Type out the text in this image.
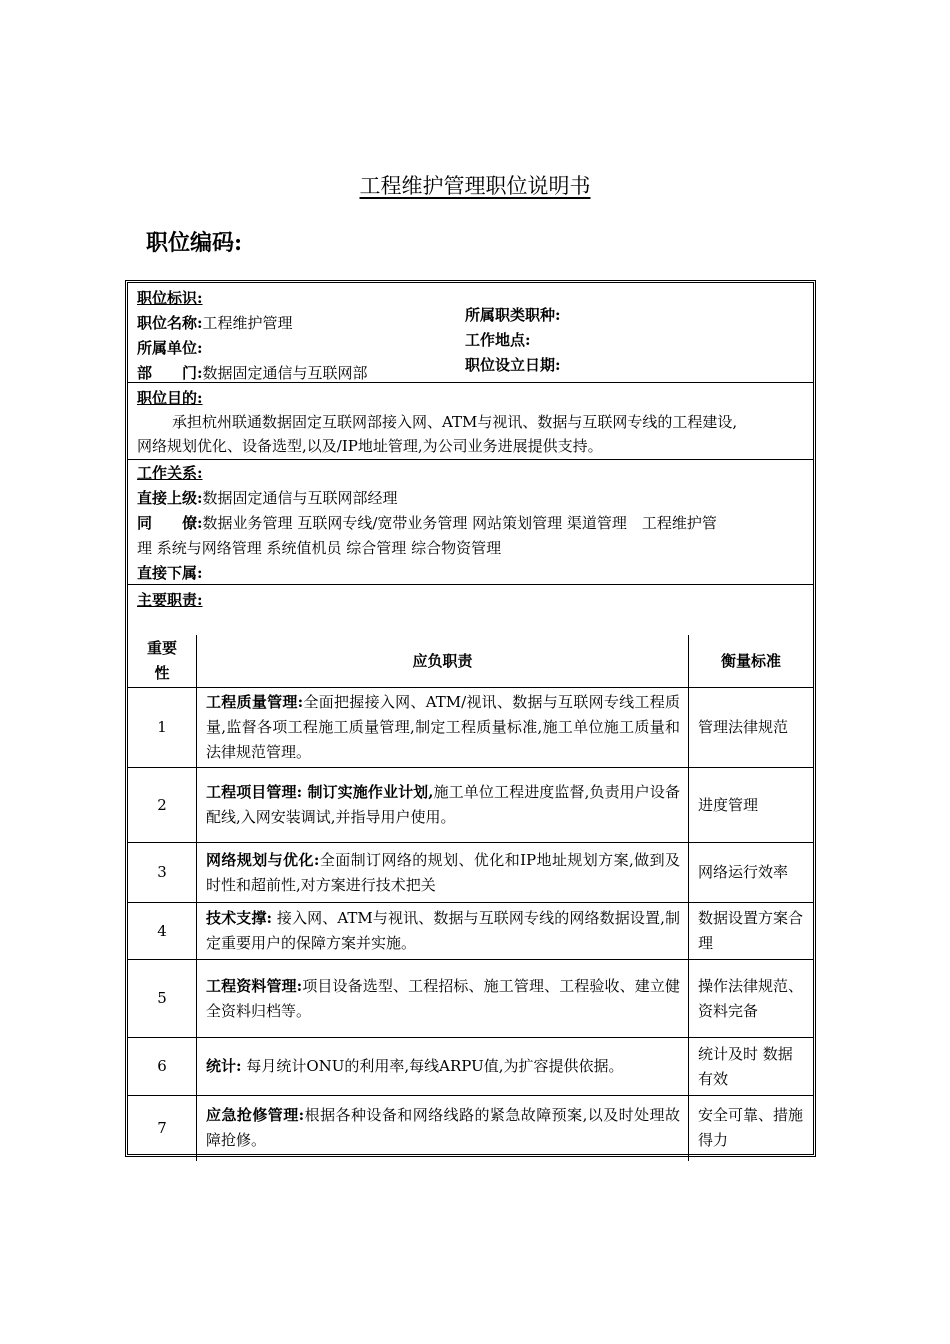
工程维护管理职位说明书
职位编码:
职位标识:
职位名称:工程维护管理
所属单位:
部　　门:数据固定通信与互联网部
所属职类职种:
工作地点:
职位设立日期:
职位目的:
承担杭州联通数据固定互联网部接入网、ATM与视讯、数据与互联网专线的工程建设,
网络规划优化、设备选型,以及/IP地址管理,为公司业务进展提供支持。
工作关系:
直接上级:数据固定通信与互联网部经理
同　　僚:数据业务管理 互联网专线/宽带业务管理 网站策划管理 渠道管理　工程维护管
理 系统与网络管理 系统值机员 综合管理 综合物资管理
直接下属:
主要职责:
重要性	应负职责	衡量标准
1	工程质量管理:全面把握接入网、ATM/视讯、数据与互联网专线工程质量,监督各项工程施工质量管理,制定工程质量标准,施工单位施工质量和法律规范管理。	管理法律规范
2	工程项目管理: 制订实施作业计划,施工单位工程进度监督,负责用户设备配线,入网安装调试,并指导用户使用。	进度管理
3	网络规划与优化:全面制订网络的规划、优化和IP地址规划方案,做到及时性和超前性,对方案进行技术把关	网络运行效率
4	技术支撑: 接入网、ATM与视讯、数据与互联网专线的网络数据设置,制定重要用户的保障方案并实施。	数据设置方案合理
5	工程资料管理:项目设备选型、工程招标、施工管理、工程验收、建立健全资料归档等。	操作法律规范、资料完备
6	统计: 每月统计ONU的利用率,每线ARPU值,为扩容提供依据。	统计及时 数据有效
7	应急抢修管理:根据各种设备和网络线路的紧急故障预案,以及时处理故障抢修。	安全可靠、措施得力
